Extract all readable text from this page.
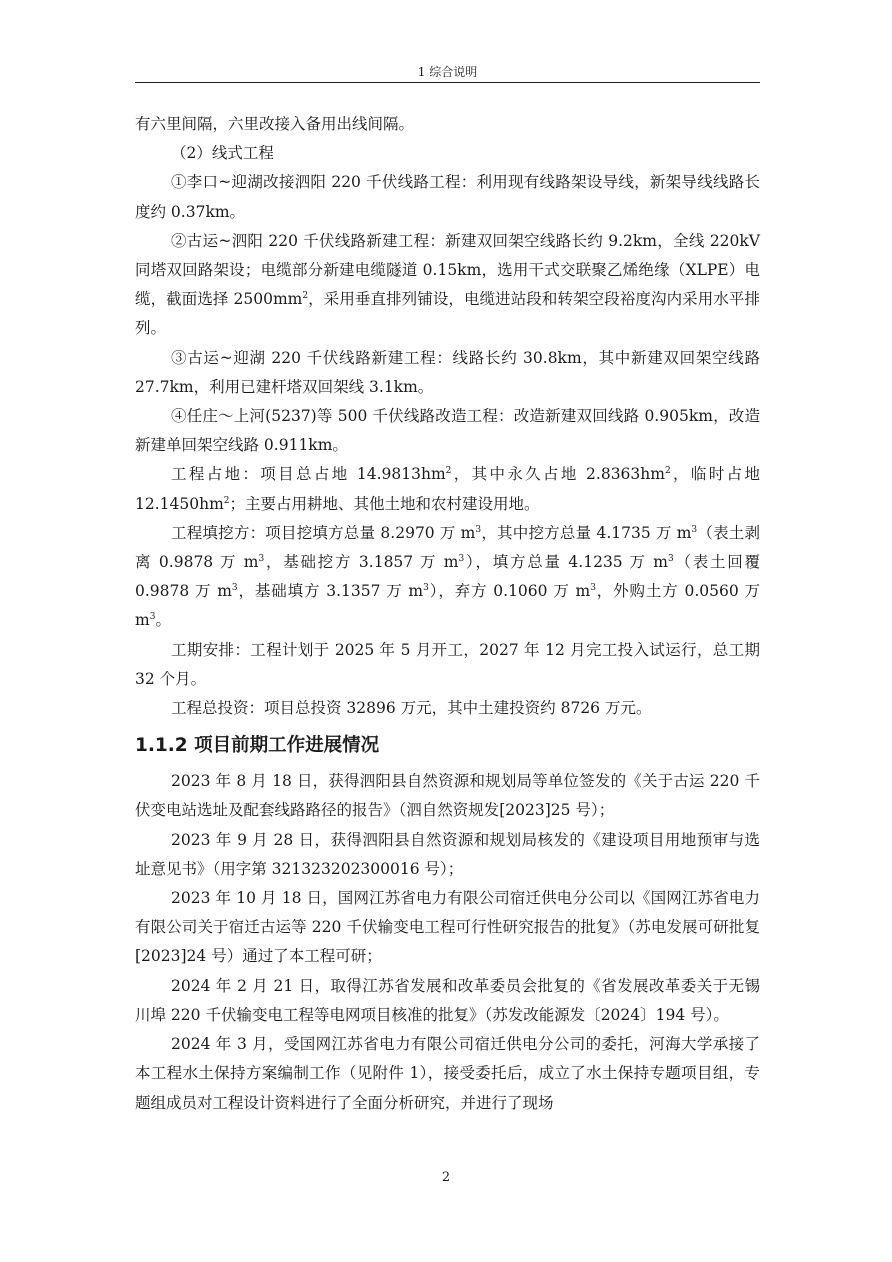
1 综合说明

有六里间隔，六里改接入备用出线间隔。

（2）线式工程

①李口~迎湖改接泗阳 220 千伏线路工程：利用现有线路架设导线，新架导线线路长度约 0.37km。

②古运~泗阳 220 千伏线路新建工程：新建双回架空线路长约 9.2km，全线 220kV 同塔双回路架设；电缆部分新建电缆隧道 0.15km，选用干式交联聚乙烯绝缘（XLPE）电缆，截面选择 $2500mm^2$，采用垂直排列铺设，电缆进站段和转架空段裕度沟内采用水平排列。

③古运~迎湖 220 千伏线路新建工程：线路长约 30.8km，其中新建双回架空线路 27.7km，利用已建杆塔双回架线 3.1km。

④任庄～上河(5237)等 500 千伏线路改造工程：改造新建双回线路 0.905km，改造新建单回架空线路 0.911km。

工程占地：项目总占地 $14.9813hm^2$，其中永久占地 $2.8363hm^2$，临时占地 $12.1450hm^2$；主要占用耕地、其他土地和农村建设用地。

工程填挖方：项目挖填方总量 8.2970 万 $m^3$，其中挖方总量 4.1735 万 $m^3$（表土剥离 0.9878 万 $m^3$，基础挖方 3.1857 万 $m^3$），填方总量 4.1235 万 $m^3$（表土回覆 0.9878 万 $m^3$，基础填方 3.1357 万 $m^3$），弃方 0.1060 万 $m^3$，外购土方 0.0560 万 $m^3$。

工期安排：工程计划于 2025 年 5 月开工，2027 年 12 月完工投入试运行，总工期 32 个月。

工程总投资：项目总投资 32896 万元，其中土建投资约 8726 万元。

1.1.2 项目前期工作进展情况

2023 年 8 月 18 日，获得泗阳县自然资源和规划局等单位签发的《关于古运 220 千伏变电站选址及配套线路路径的报告》（泗自然资规发[2023]25 号）；

2023 年 9 月 28 日，获得泗阳县自然资源和规划局核发的《建设项目用地预审与选址意见书》（用字第 321323202300016 号）；

2023 年 10 月 18 日，国网江苏省电力有限公司宿迁供电分公司以《国网江苏省电力有限公司关于宿迁古运等 220 千伏输变电工程可行性研究报告的批复》（苏电发展可研批复[2023]24 号）通过了本工程可研；

2024 年 2 月 21 日，取得江苏省发展和改革委员会批复的《省发展改革委关于无锡川埠 220 千伏输变电工程等电网项目核准的批复》（苏发改能源发〔2024〕194 号）。

2024 年 3 月，受国网江苏省电力有限公司宿迁供电分公司的委托，河海大学承接了本工程水土保持方案编制工作（见附件 1），接受委托后，成立了水土保持专题项目组，专题组成员对工程设计资料进行了全面分析研究，并进行了现场

2
